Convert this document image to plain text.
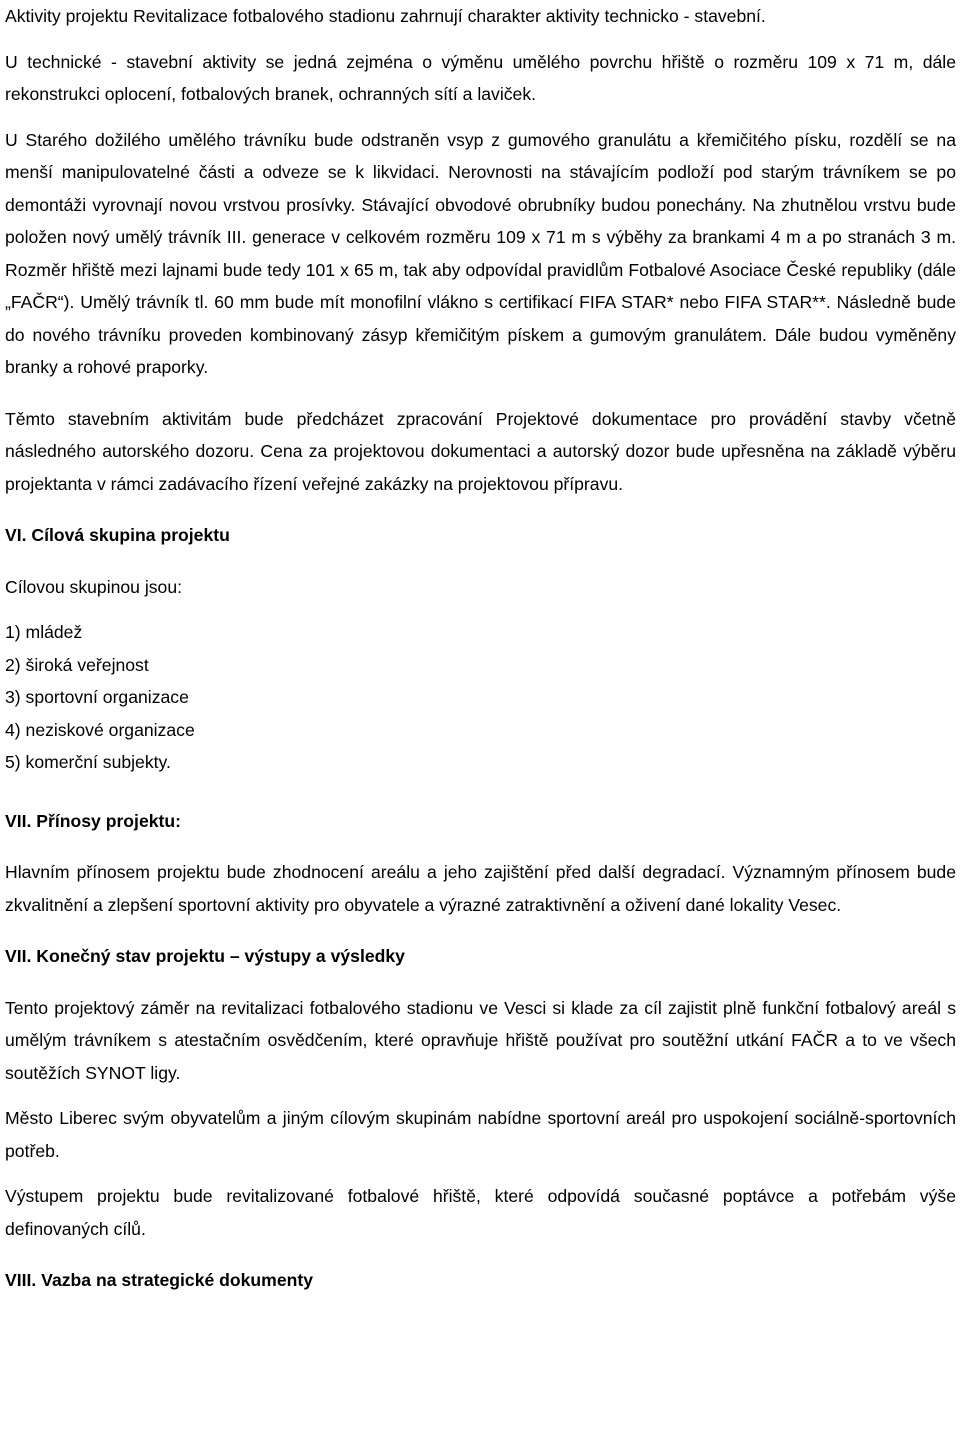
Aktivity projektu Revitalizace fotbalového stadionu zahrnují charakter aktivity technicko - stavební.

U technické - stavební aktivity se jedná zejména o výměnu umělého povrchu hřiště o rozměru 109 x 71 m, dále rekonstrukci oplocení, fotbalových branek, ochranných sítí a laviček.

U Starého dožilého umělého trávníku bude odstraněn vsyp z gumového granulátu a křemičitého písku, rozdělí se na menší manipulovatelné části a odveze se k likvidaci. Nerovnosti na stávajícím podloží pod starým trávníkem se po demontáži vyrovnají novou vrstvou prosívky. Stávající obvodové obrubníky budou ponechány. Na zhutnělou vrstvu bude položen nový umělý trávník III. generace v celkovém rozměru 109 x 71 m s výběhy za brankami 4 m a po stranách 3 m. Rozměr hřiště mezi lajnami bude tedy 101 x 65 m, tak aby odpovídal pravidlům Fotbalové Asociace České republiky (dále „FAČR“). Umělý trávník tl. 60 mm bude mít monofilní vlákno s certifikací FIFA STAR* nebo FIFA STAR**. Následně bude do nového trávníku proveden kombinovaný zásyp křemičitým pískem a gumovým granulátem. Dále budou vyměněny branky a rohové praporky.

Těmto stavebním aktivitám bude předcházet zpracování Projektové dokumentace pro provádění stavby včetně následného autorského dozoru. Cena za projektovou dokumentaci a autorský dozor bude upřesněna na základě výběru projektanta v rámci zadávacího řízení veřejné zakázky na projektovou přípravu.

VI. Cílová skupina projektu

Cílovou skupinou jsou:

1) mládež

2) široká veřejnost

3) sportovní organizace

4) neziskové organizace

5) komerční subjekty.

VII. Přínosy projektu:

Hlavním přínosem projektu bude zhodnocení areálu a jeho zajištění před další degradací. Významným přínosem bude zkvalitnění a zlepšení sportovní aktivity pro obyvatele a výrazné zatraktivnění a oživení dané lokality Vesec.

VII. Konečný stav projektu – výstupy a výsledky

Tento projektový záměr na revitalizaci fotbalového stadionu ve Vesci si klade za cíl zajistit plně funkční fotbalový areál s umělým trávníkem s atestačním osvědčením, které opravňuje hřiště používat pro soutěžní utkání FAČR a to ve všech soutěžích SYNOT ligy.

Město Liberec svým obyvatelům a jiným cílovým skupinám nabídne sportovní areál pro uspokojení sociálně-sportovních potřeb.

Výstupem projektu bude revitalizované fotbalové hřiště, které odpovídá současné poptávce a potřebám výše definovaných cílů.

VIII. Vazba na strategické dokumenty
